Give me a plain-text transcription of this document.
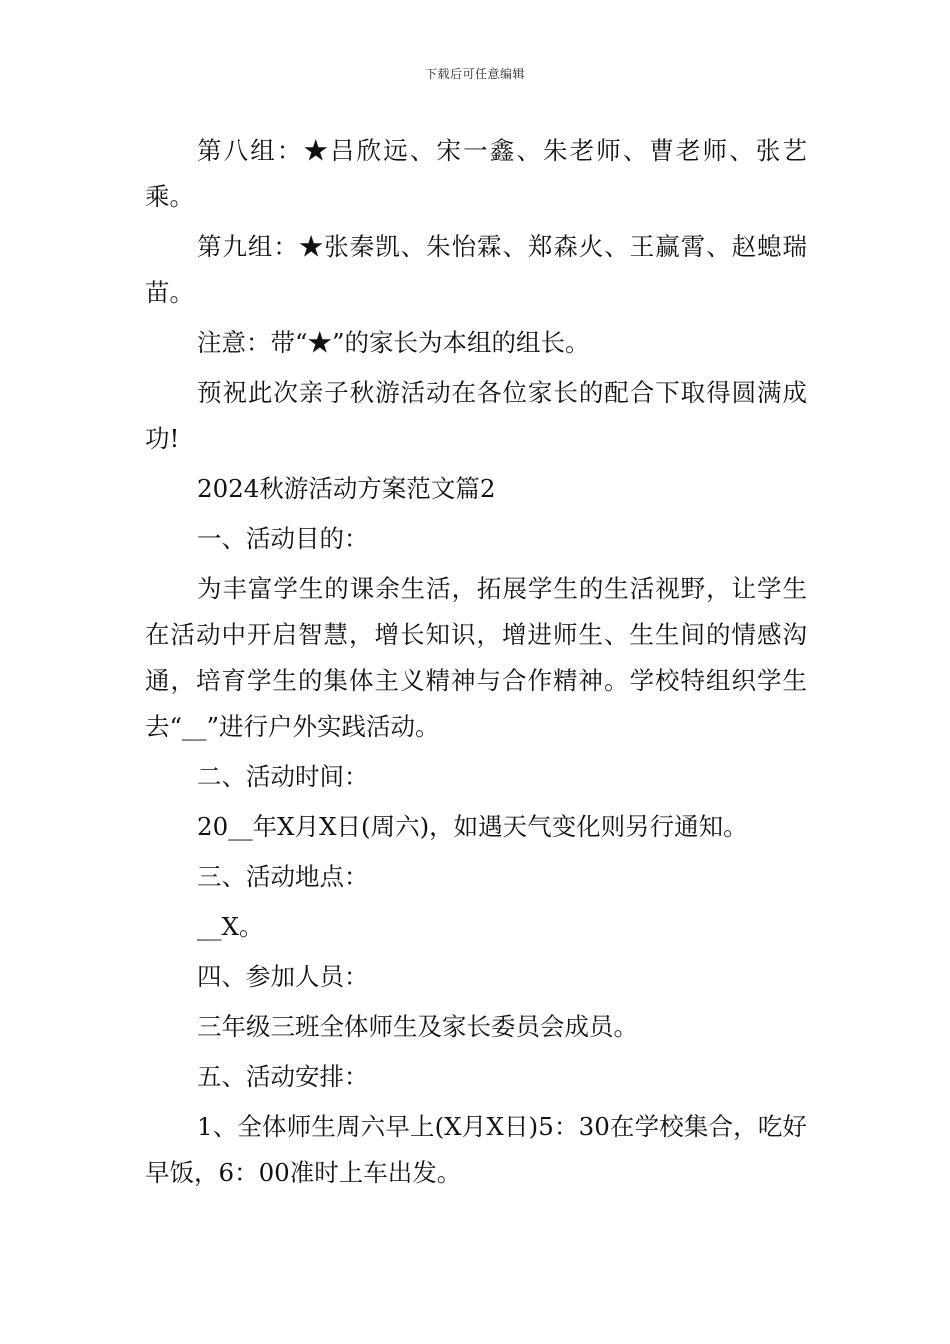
下载后可任意编辑

第八组：★吕欣远、宋一鑫、朱老师、曹老师、张艺乘。

第九组：★张秦凯、朱怡霖、郑森火、王赢霄、赵螅瑞苗。

注意：带“★”的家长为本组的组长。

预祝此次亲子秋游活动在各位家长的配合下取得圆满成功!

2024秋游活动方案范文篇2

一、活动目的：

为丰富学生的课余生活，拓展学生的生活视野，让学生在活动中开启智慧，增长知识，增进师生、生生间的情感沟通，培育学生的集体主义精神与合作精神。学校特组织学生去“__”进行户外实践活动。

二、活动时间：

20__年X月X日(周六)，如遇天气变化则另行通知。

三、活动地点：

__X。

四、参加人员：

三年级三班全体师生及家长委员会成员。

五、活动安排：

1、全体师生周六早上(X月X日)5：30在学校集合，吃好早饭，6：00准时上车出发。
